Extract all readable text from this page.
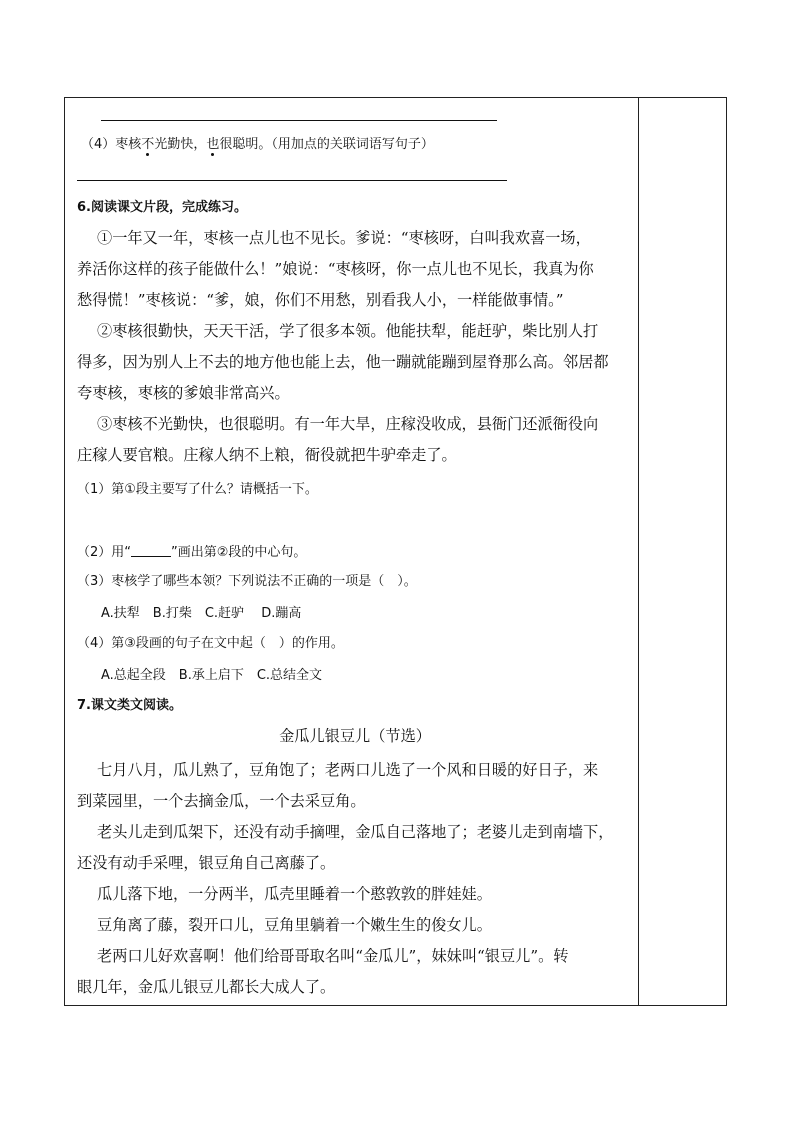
（4）枣核不光勤快，也很聪明。（用加点的关联词语写句子）
6.阅读课文片段，完成练习。
①一年又一年，枣核一点儿也不见长。爹说：“枣核呀，白叫我欢喜一场，
养活你这样的孩子能做什么！”娘说：“枣核呀，你一点儿也不见长，我真为你
愁得慌！”枣核说：“爹，娘，你们不用愁，别看我人小，一样能做事情。”
②枣核很勤快，天天干活，学了很多本领。他能扶犁，能赶驴，柴比别人打
得多，因为别人上不去的地方他也能上去，他一蹦就能蹦到屋脊那么高。邻居都
夸枣核，枣核的爹娘非常高兴。
③枣核不光勤快，也很聪明。有一年大旱，庄稼没收成，县衙门还派衙役向
庄稼人要官粮。庄稼人纳不上粮，衙役就把牛驴牵走了。
（1）第①段主要写了什么？请概括一下。
（2）用“	”画出第②段的中心句。
（3）枣核学了哪些本领？下列说法不正确的一项是（　）。
A.扶犁　B.打柴　C.赶驴　 D.蹦高
（4）第③段画的句子在文中起（　）的作用。
A.总起全段　B.承上启下　C.总结全文
7.课文类文阅读。
金瓜儿银豆儿（节选）
七月八月，瓜儿熟了，豆角饱了；老两口儿选了一个风和日暖的好日子，来
到菜园里，一个去摘金瓜，一个去采豆角。
老头儿走到瓜架下，还没有动手摘哩，金瓜自己落地了；老婆儿走到南墙下，
还没有动手采哩，银豆角自己离藤了。
瓜儿落下地，一分两半，瓜壳里睡着一个憨敦敦的胖娃娃。
豆角离了藤，裂开口儿，豆角里躺着一个嫩生生的俊女儿。
老两口儿好欢喜啊！他们给哥哥取名叫“金瓜儿”，妹妹叫“银豆儿”。转
眼几年，金瓜儿银豆儿都长大成人了。
